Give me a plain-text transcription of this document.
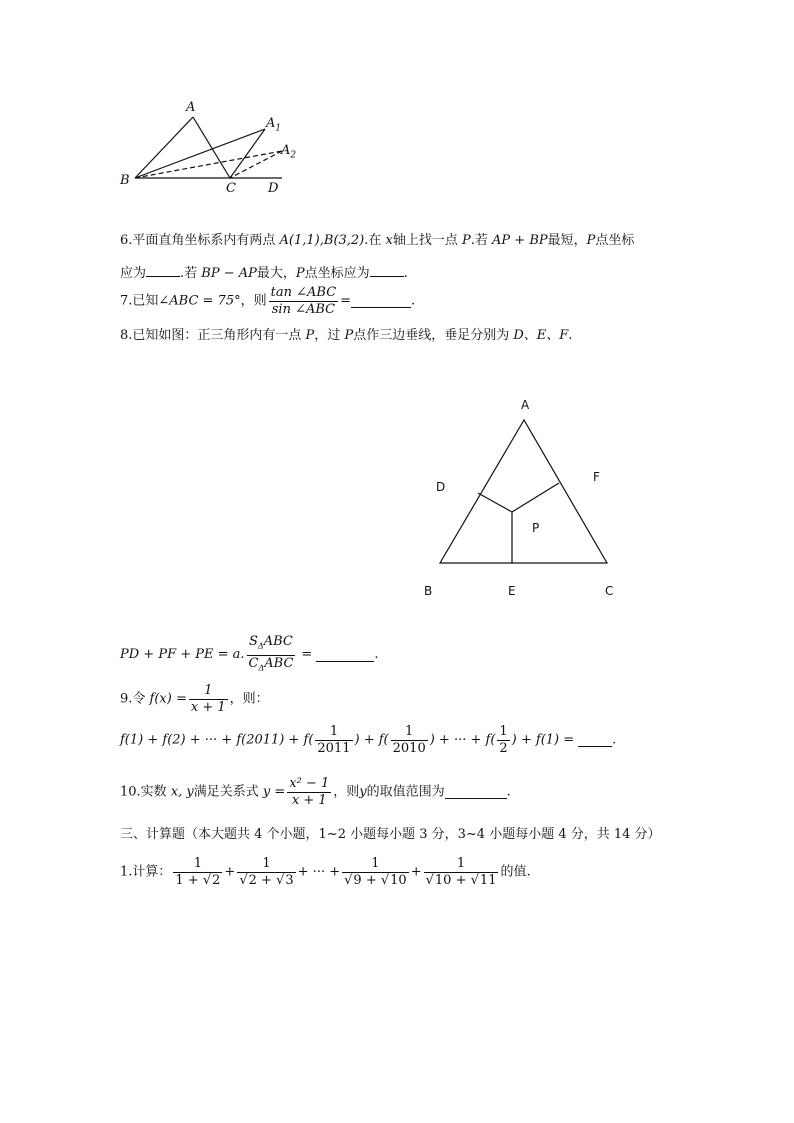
A
$A_1$
$A_2$
B
C D
6.平面直角坐标系内有两点 A(1,1),B(3,2).在 x轴上找一点 P.若 AP + BP最短，P点坐标
应为	.若 BP − AP最大，P点坐标应为	.
7.已知∠ABC = 75°，则 $\frac{\text{tan ∠ABC}}{\text{sin ∠ABC}}$ =	.
8.已知如图：正三角形内有一点 P，过 P点作三边垂线，垂足分别为 D、E、F.
A
D
F
P
B	E	C
PD + PF + PE = a. $\frac{S_\Delta ABC}{C_\Delta ABC}$ =	.
9.令 $f(x) = \frac{1}{x + 1}$ ，则：
f(1) + f(2) + ··· + $f(2011) + f( \frac{1}{2011}$ ) + $f( \frac{1}{2010}$ ) + ··· + $f( \frac{1}{2}$ ) + f(1) =	.
10.实数 x, y满足关系式 $y = \frac{\text{x² − 1}}{x + 1}$ ，则y的取值范围为	.
三、计算题（本大题共 4 个小题，1~2 小题每小题 3 分，3~4 小题每小题 4 分，共 14 分）
1.计算： $\frac{1}{1 + √2} + \frac{1}{√2 + √3}$ + ··· + $\frac{1}{√9 + √10} + \frac{1}{√10 + √11}$ 的值.
